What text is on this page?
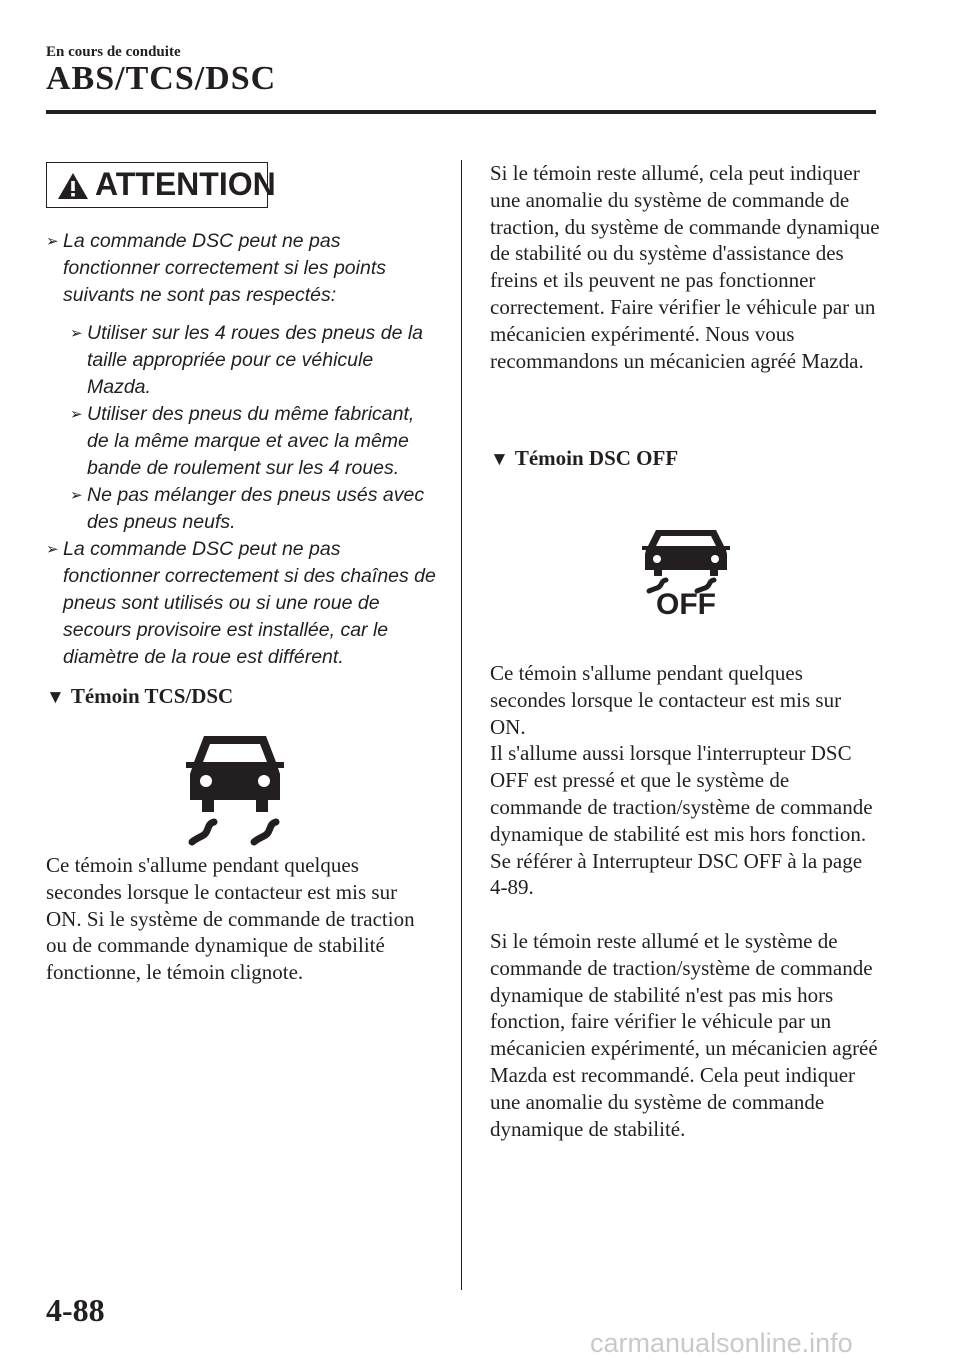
En cours de conduite
ABS/TCS/DSC
ATTENTION
➢ La commande DSC peut ne pas fonctionner correctement si les points suivants ne sont pas respectés:

➢ Utiliser sur les 4 roues des pneus de la taille appropriée pour ce véhicule Mazda.

➢ Utiliser des pneus du même fabricant, de la même marque et avec la même bande de roulement sur les 4 roues.

➢ Ne pas mélanger des pneus usés avec des pneus neufs.

➢ La commande DSC peut ne pas fonctionner correctement si des chaînes de pneus sont utilisés ou si une roue de secours provisoire est installée, car le diamètre de la roue est différent.

▼ Témoin TCS/DSC

Ce témoin s'allume pendant quelques secondes lorsque le contacteur est mis sur ON. Si le système de commande de traction ou de commande dynamique de stabilité fonctionne, le témoin clignote.

Si le témoin reste allumé, cela peut indiquer une anomalie du système de commande de traction, du système de commande dynamique de stabilité ou du système d'assistance des freins et ils peuvent ne pas fonctionner correctement. Faire vérifier le véhicule par un mécanicien expérimenté. Nous vous recommandons un mécanicien agréé Mazda.

▼ Témoin DSC OFF
OFF

Ce témoin s'allume pendant quelques secondes lorsque le contacteur est mis sur ON.

Il s'allume aussi lorsque l'interrupteur DSC OFF est pressé et que le système de commande de traction/système de commande dynamique de stabilité est mis hors fonction.

Se référer à Interrupteur DSC OFF à la page 4-89.

Si le témoin reste allumé et le système de commande de traction/système de commande dynamique de stabilité n'est pas mis hors fonction, faire vérifier le véhicule par un mécanicien expérimenté, un mécanicien agréé Mazda est recommandé. Cela peut indiquer une anomalie du système de commande dynamique de stabilité.

4-88
carmanualsonline.info
